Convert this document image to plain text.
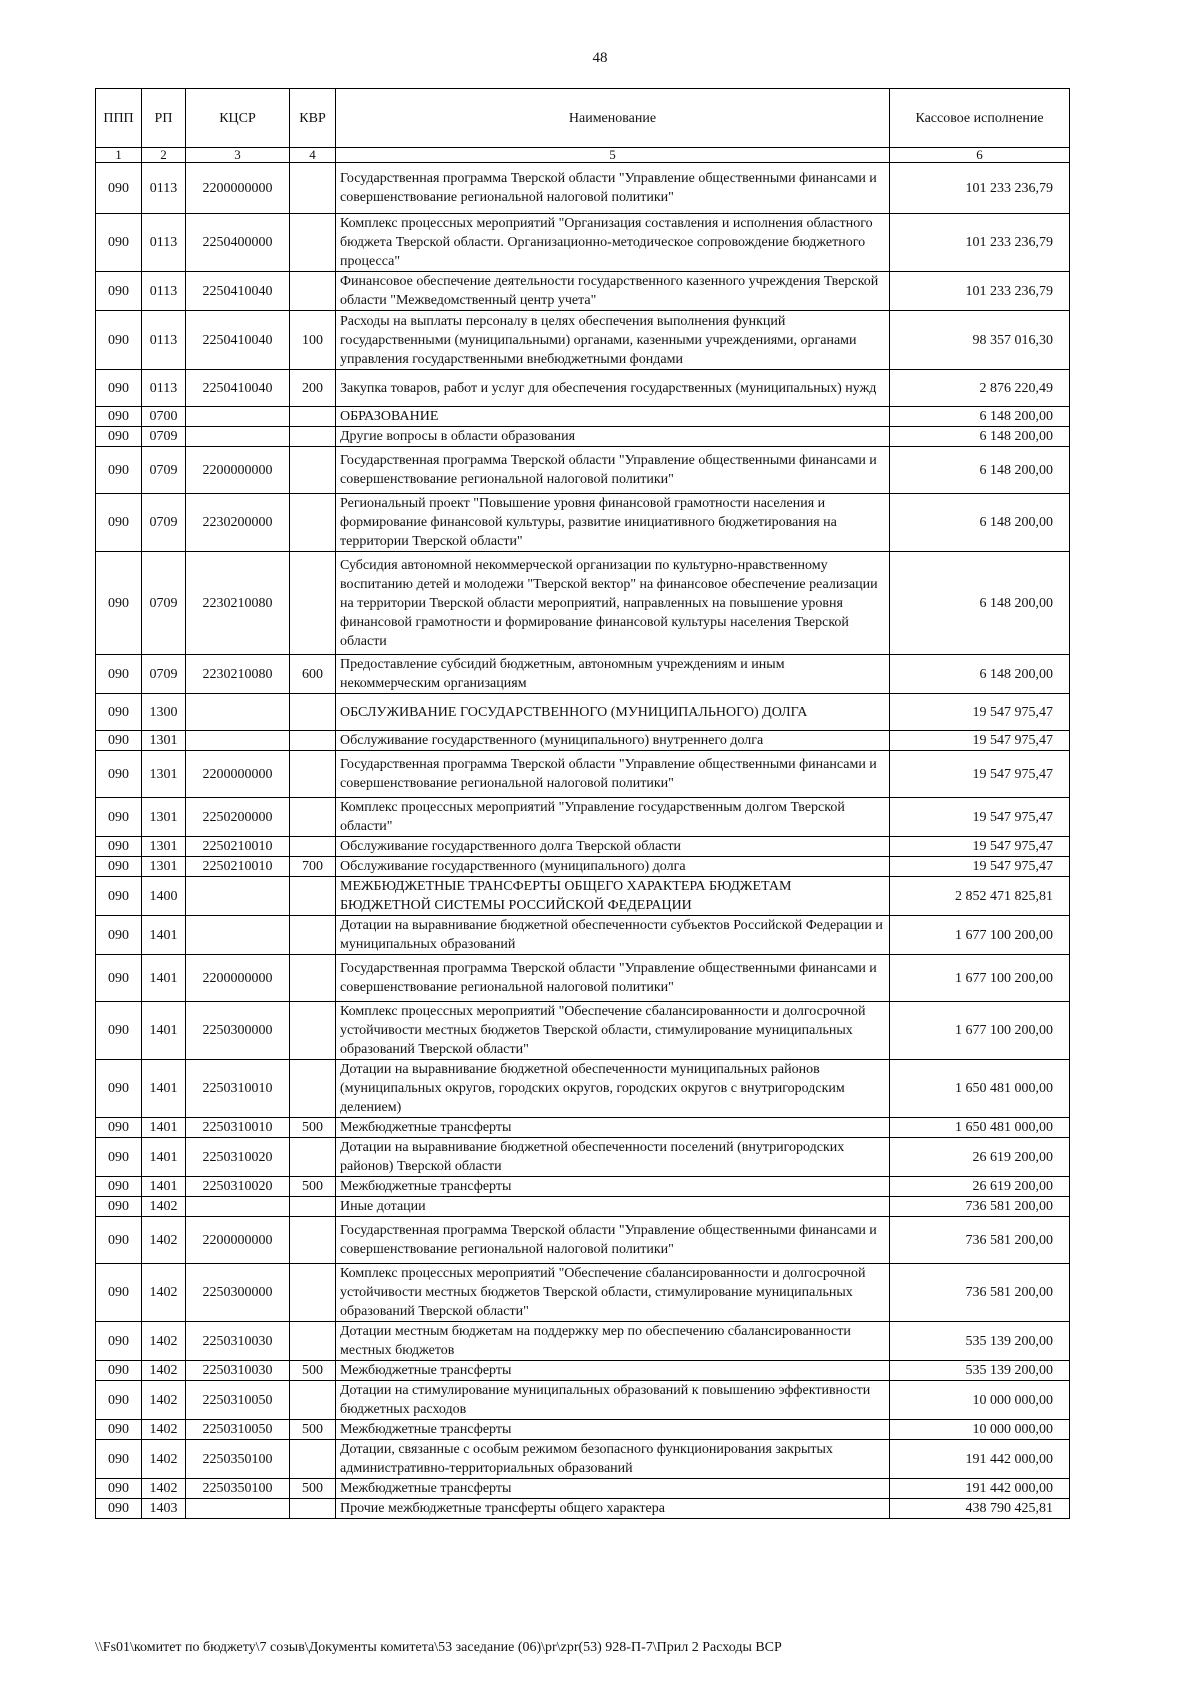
48
ППП	РП	КЦСР	КВР	Наименование	Кассовое исполнение
1	2	3	4	5	6
090	0113	2200000000		Государственная программа Тверской области "Управление общественными финансами и совершенствование региональной налоговой политики"	101 233 236,79
090	0113	2250400000		Комплекс процессных мероприятий "Организация составления и исполнения областного бюджета Тверской области. Организационно-методическое сопровождение бюджетного процесса"	101 233 236,79
090	0113	2250410040		Финансовое обеспечение деятельности государственного казенного учреждения Тверской области "Межведомственный центр учета"	101 233 236,79
090	0113	2250410040	100	Расходы на выплаты персоналу в целях обеспечения выполнения функций государственными (муниципальными) органами, казенными учреждениями, органами управления государственными внебюджетными фондами	98 357 016,30
090	0113	2250410040	200	Закупка товаров, работ и услуг для обеспечения государственных (муниципальных) нужд	2 876 220,49
090	0700			ОБРАЗОВАНИЕ	6 148 200,00
090	0709			Другие вопросы в области образования	6 148 200,00
090	0709	2200000000		Государственная программа Тверской области "Управление общественными финансами и совершенствование региональной налоговой политики"	6 148 200,00
090	0709	2230200000		Региональный проект "Повышение уровня финансовой грамотности населения и формирование финансовой культуры, развитие инициативного бюджетирования на территории Тверской области"	6 148 200,00
090	0709	2230210080		Субсидия автономной некоммерческой организации по культурно-нравственному воспитанию детей и молодежи "Тверской вектор" на финансовое обеспечение реализации на территории Тверской области мероприятий, направленных на повышение уровня финансовой грамотности и формирование финансовой культуры населения Тверской области	6 148 200,00
090	0709	2230210080	600	Предоставление субсидий бюджетным, автономным учреждениям и иным некоммерческим организациям	6 148 200,00
090	1300			ОБСЛУЖИВАНИЕ ГОСУДАРСТВЕННОГО (МУНИЦИПАЛЬНОГО) ДОЛГА	19 547 975,47
090	1301			Обслуживание государственного (муниципального) внутреннего долга	19 547 975,47
090	1301	2200000000		Государственная программа Тверской области "Управление общественными финансами и совершенствование региональной налоговой политики"	19 547 975,47
090	1301	2250200000		Комплекс процессных мероприятий "Управление государственным долгом Тверской области"	19 547 975,47
090	1301	2250210010		Обслуживание государственного долга Тверской области	19 547 975,47
090	1301	2250210010	700	Обслуживание государственного (муниципального) долга	19 547 975,47
090	1400			МЕЖБЮДЖЕТНЫЕ ТРАНСФЕРТЫ ОБЩЕГО ХАРАКТЕРА БЮДЖЕТАМ БЮДЖЕТНОЙ СИСТЕМЫ РОССИЙСКОЙ ФЕДЕРАЦИИ	2 852 471 825,81
090	1401			Дотации на выравнивание бюджетной обеспеченности субъектов Российской Федерации и муниципальных образований	1 677 100 200,00
090	1401	2200000000		Государственная программа Тверской области "Управление общественными финансами и совершенствование региональной налоговой политики"	1 677 100 200,00
090	1401	2250300000		Комплекс процессных мероприятий "Обеспечение сбалансированности и долгосрочной устойчивости местных бюджетов Тверской области, стимулирование муниципальных образований Тверской области"	1 677 100 200,00
090	1401	2250310010		Дотации на выравнивание бюджетной обеспеченности муниципальных районов (муниципальных округов, городских округов, городских округов с внутригородским делением)	1 650 481 000,00
090	1401	2250310010	500	Межбюджетные трансферты	1 650 481 000,00
090	1401	2250310020		Дотации на выравнивание бюджетной обеспеченности поселений (внутригородских районов) Тверской области	26 619 200,00
090	1401	2250310020	500	Межбюджетные трансферты	26 619 200,00
090	1402			Иные дотации	736 581 200,00
090	1402	2200000000		Государственная программа Тверской области "Управление общественными финансами и совершенствование региональной налоговой политики"	736 581 200,00
090	1402	2250300000		Комплекс процессных мероприятий "Обеспечение сбалансированности и долгосрочной устойчивости местных бюджетов Тверской области, стимулирование муниципальных образований Тверской области"	736 581 200,00
090	1402	2250310030		Дотации местным бюджетам на поддержку мер по обеспечению сбалансированности местных бюджетов	535 139 200,00
090	1402	2250310030	500	Межбюджетные трансферты	535 139 200,00
090	1402	2250310050		Дотации на стимулирование муниципальных образований к повышению эффективности бюджетных расходов	10 000 000,00
090	1402	2250310050	500	Межбюджетные трансферты	10 000 000,00
090	1402	2250350100		Дотации, связанные с особым режимом безопасного функционирования закрытых административно-территориальных образований	191 442 000,00
090	1402	2250350100	500	Межбюджетные трансферты	191 442 000,00
090	1403			Прочие межбюджетные трансферты общего характера	438 790 425,81
\\Fs01\комитет по бюджету\7 созыв\Документы комитета\53 заседание (06)\pr\zpr(53) 928-П-7\Прил 2 Расходы ВСР
